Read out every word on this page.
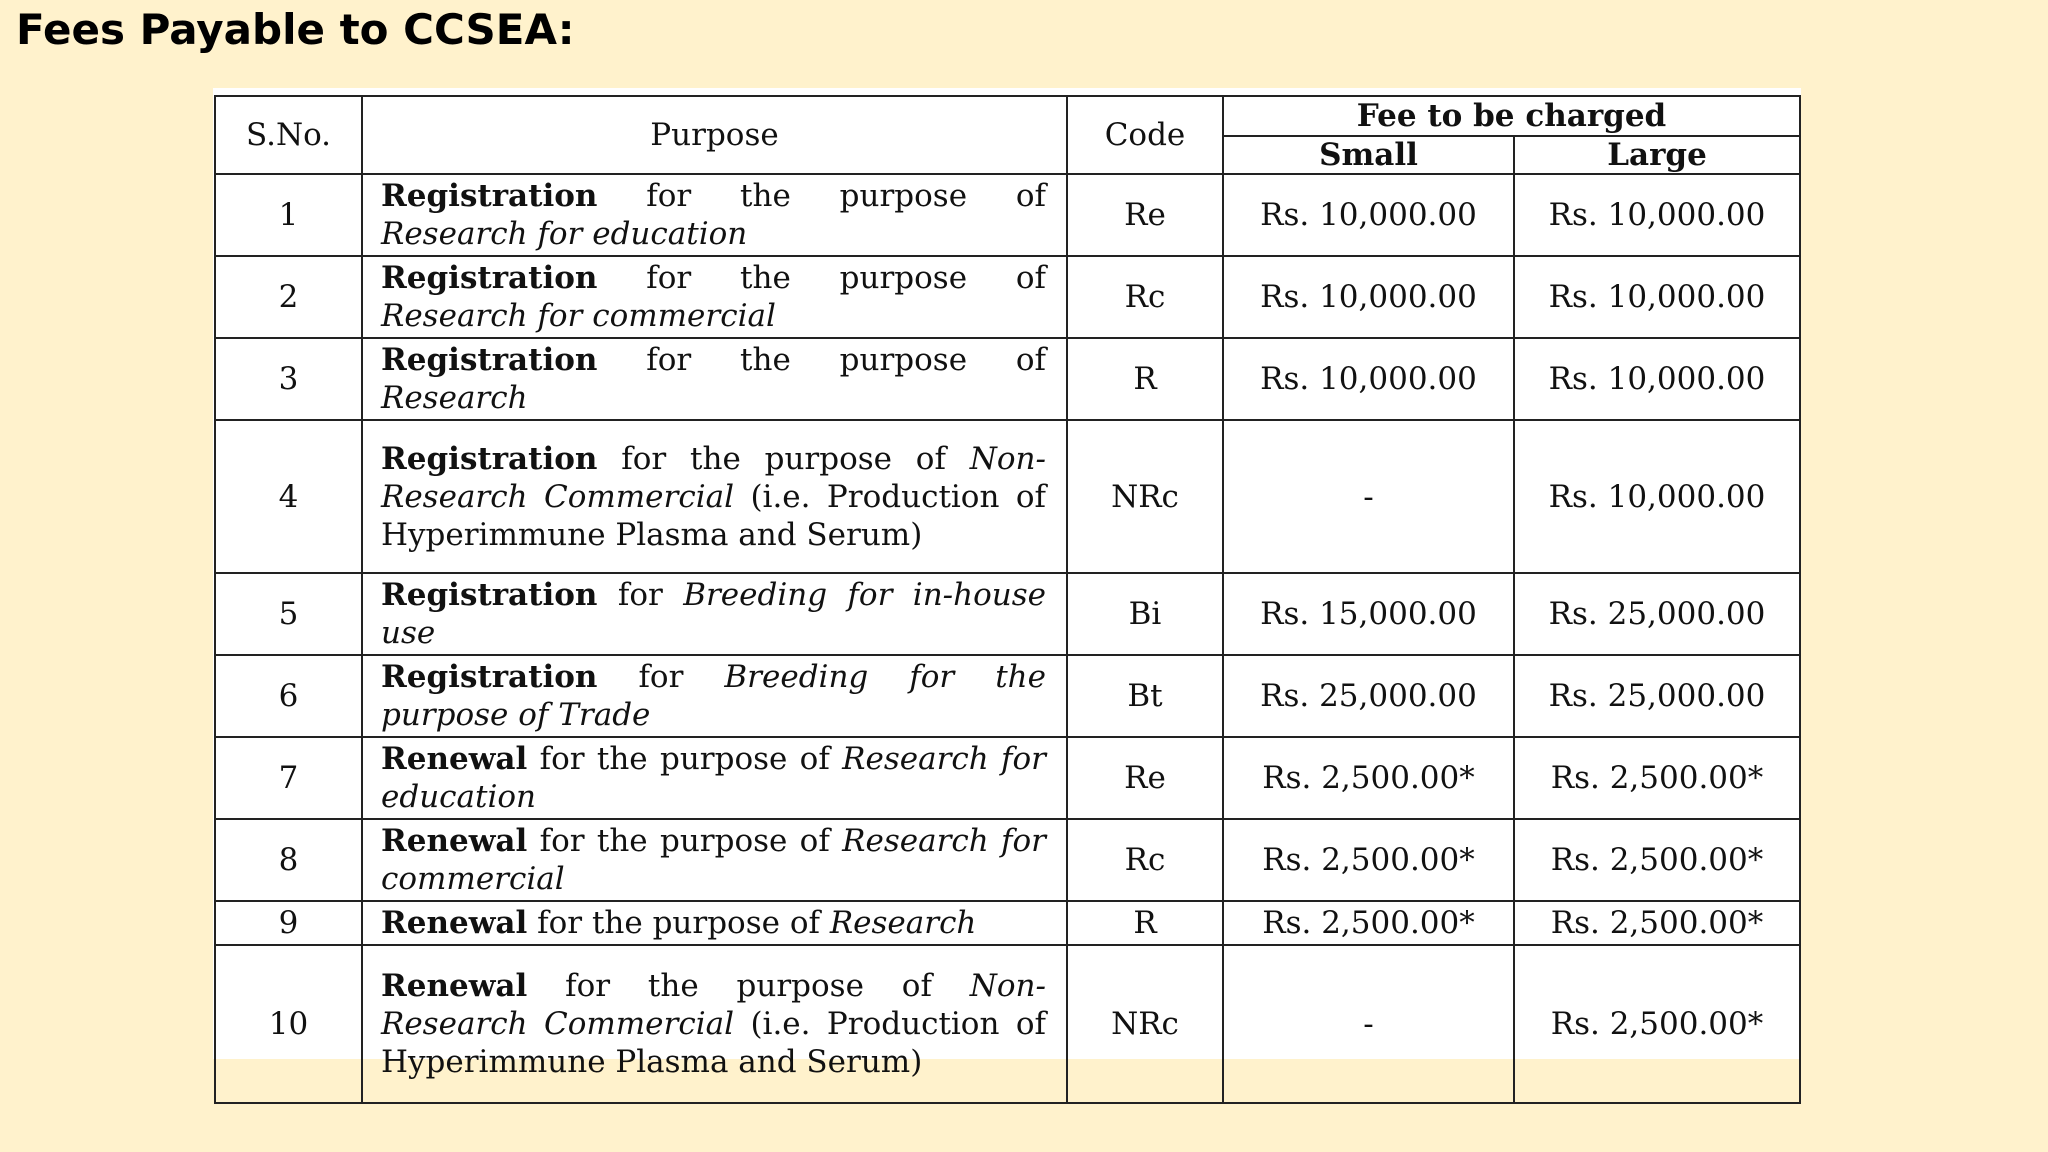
Fees Payable to CCSEA:
S.No.	Purpose	Code	Fee to be charged	
			Small	Large
1	Registration for the purpose of Research for education	Re	Rs. 10,000.00	Rs. 10,000.00
2	Registration for the purpose of Research for commercial	Rc	Rs. 10,000.00	Rs. 10,000.00
3	Registration for the purpose of Research	R	Rs. 10,000.00	Rs. 10,000.00
4	Registration for the purpose of Non-Research Commercial (i.e. Production of Hyperimmune Plasma and Serum)	NRc	-	Rs. 10,000.00
5	Registration for Breeding for in-house use	Bi	Rs. 15,000.00	Rs. 25,000.00
6	Registration for Breeding for the purpose of Trade	Bt	Rs. 25,000.00	Rs. 25,000.00
7	Renewal for the purpose of Research for education	Re	Rs. 2,500.00*	Rs. 2,500.00*
8	Renewal for the purpose of Research for commercial	Rc	Rs. 2,500.00*	Rs. 2,500.00*
9	Renewal for the purpose of Research	R	Rs. 2,500.00*	Rs. 2,500.00*
10	Renewal for the purpose of Non-Research Commercial (i.e. Production of Hyperimmune Plasma and Serum)	NRc	-	Rs. 2,500.00*
